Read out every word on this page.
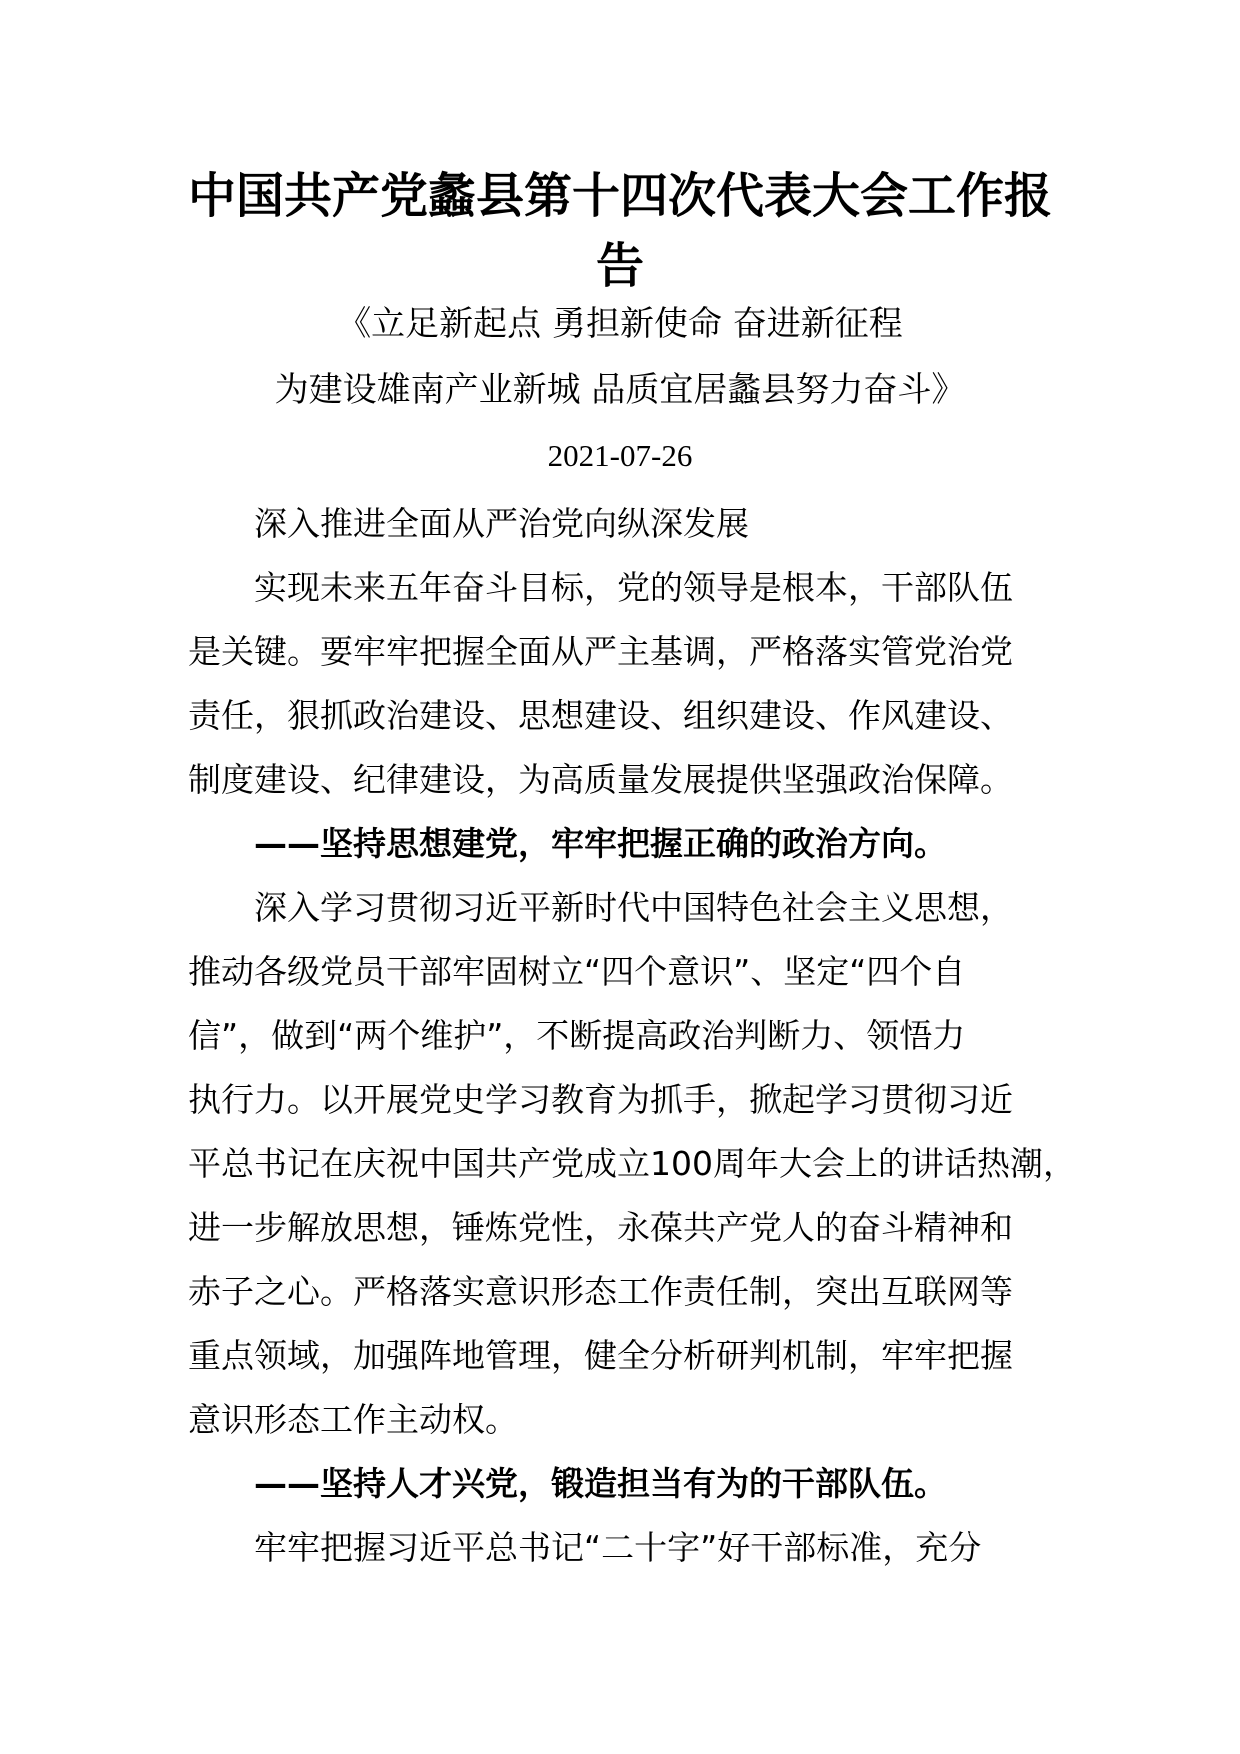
中国共产党蠡县第十四次代表大会工作报
告
《立足新起点 勇担新使命 奋进新征程
为建设雄南产业新城 品质宜居蠡县努力奋斗》
2021-07-26
深入推进全面从严治党向纵深发展
实现未来五年奋斗目标，党的领导是根本，干部队伍
是关键。要牢牢把握全面从严主基调，严格落实管党治党
责任，狠抓政治建设、思想建设、组织建设、作风建设、
制度建设、纪律建设，为高质量发展提供坚强政治保障。
——坚持思想建党，牢牢把握正确的政治方向。
深入学习贯彻习近平新时代中国特色社会主义思想，
推动各级党员干部牢固树立“四个意识”、坚定“四个自
信”，做到“两个维护”，不断提高政治判断力、领悟力
执行力。以开展党史学习教育为抓手，掀起学习贯彻习近
平总书记在庆祝中国共产党成立100周年大会上的讲话热潮，
进一步解放思想，锤炼党性，永葆共产党人的奋斗精神和
赤子之心。严格落实意识形态工作责任制，突出互联网等
重点领域，加强阵地管理，健全分析研判机制，牢牢把握
意识形态工作主动权。
——坚持人才兴党，锻造担当有为的干部队伍。
牢牢把握习近平总书记“二十字”好干部标准，充分
